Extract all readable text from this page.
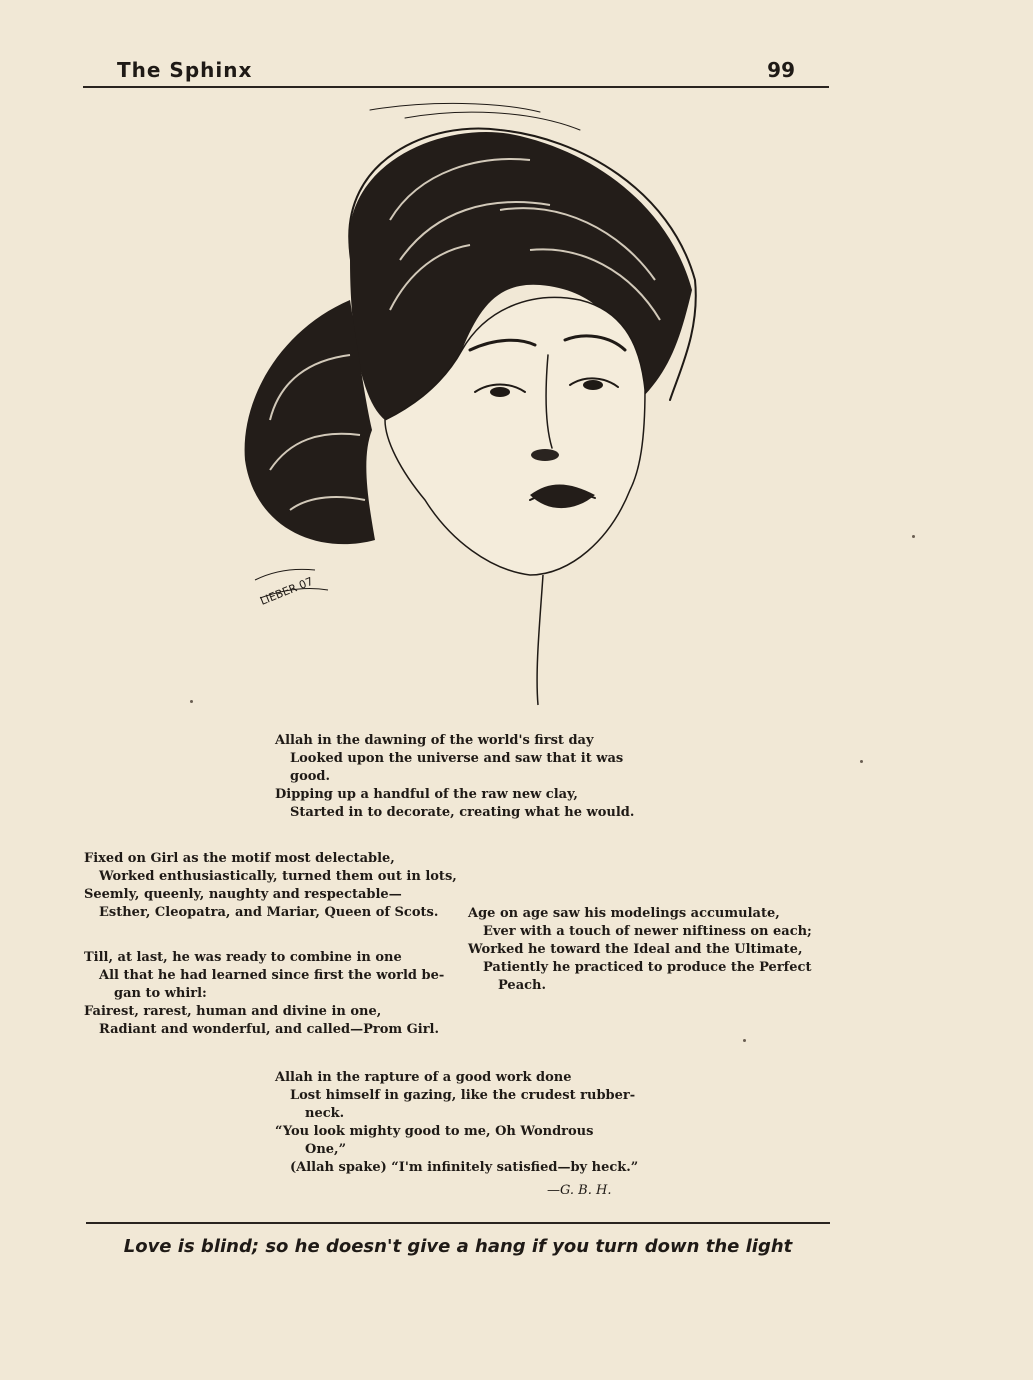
The Sphinx	99
LIEBER 07
Allah in the dawning of the world's first day
Looked upon the universe and saw that it was
good.
Dipping up a handful of the raw new clay,
Started in to decorate, creating what he would.
Fixed on Girl as the motif most delectable,
Worked enthusiastically, turned them out in lots,
Seemly, queenly, naughty and respectable—
Esther, Cleopatra, and Mariar, Queen of Scots.	Age on age saw his modelings accumulate,
Ever with a touch of newer niftiness on each;
Worked he toward the Ideal and the Ultimate,
Patiently he practiced to produce the Perfect
Peach.
Till, at last, he was ready to combine in one
All that he had learned since first the world be-
gan to whirl:
Fairest, rarest, human and divine in one,
Radiant and wonderful, and called—Prom Girl.
Allah in the rapture of a good work done
Lost himself in gazing, like the crudest rubber-
neck.
“You look mighty good to me, Oh Wondrous
One,”
(Allah spake) “I'm infinitely satisfied—by heck.”
—G. B. H.
Love is blind; so he doesn't give a hang if you turn down the light
